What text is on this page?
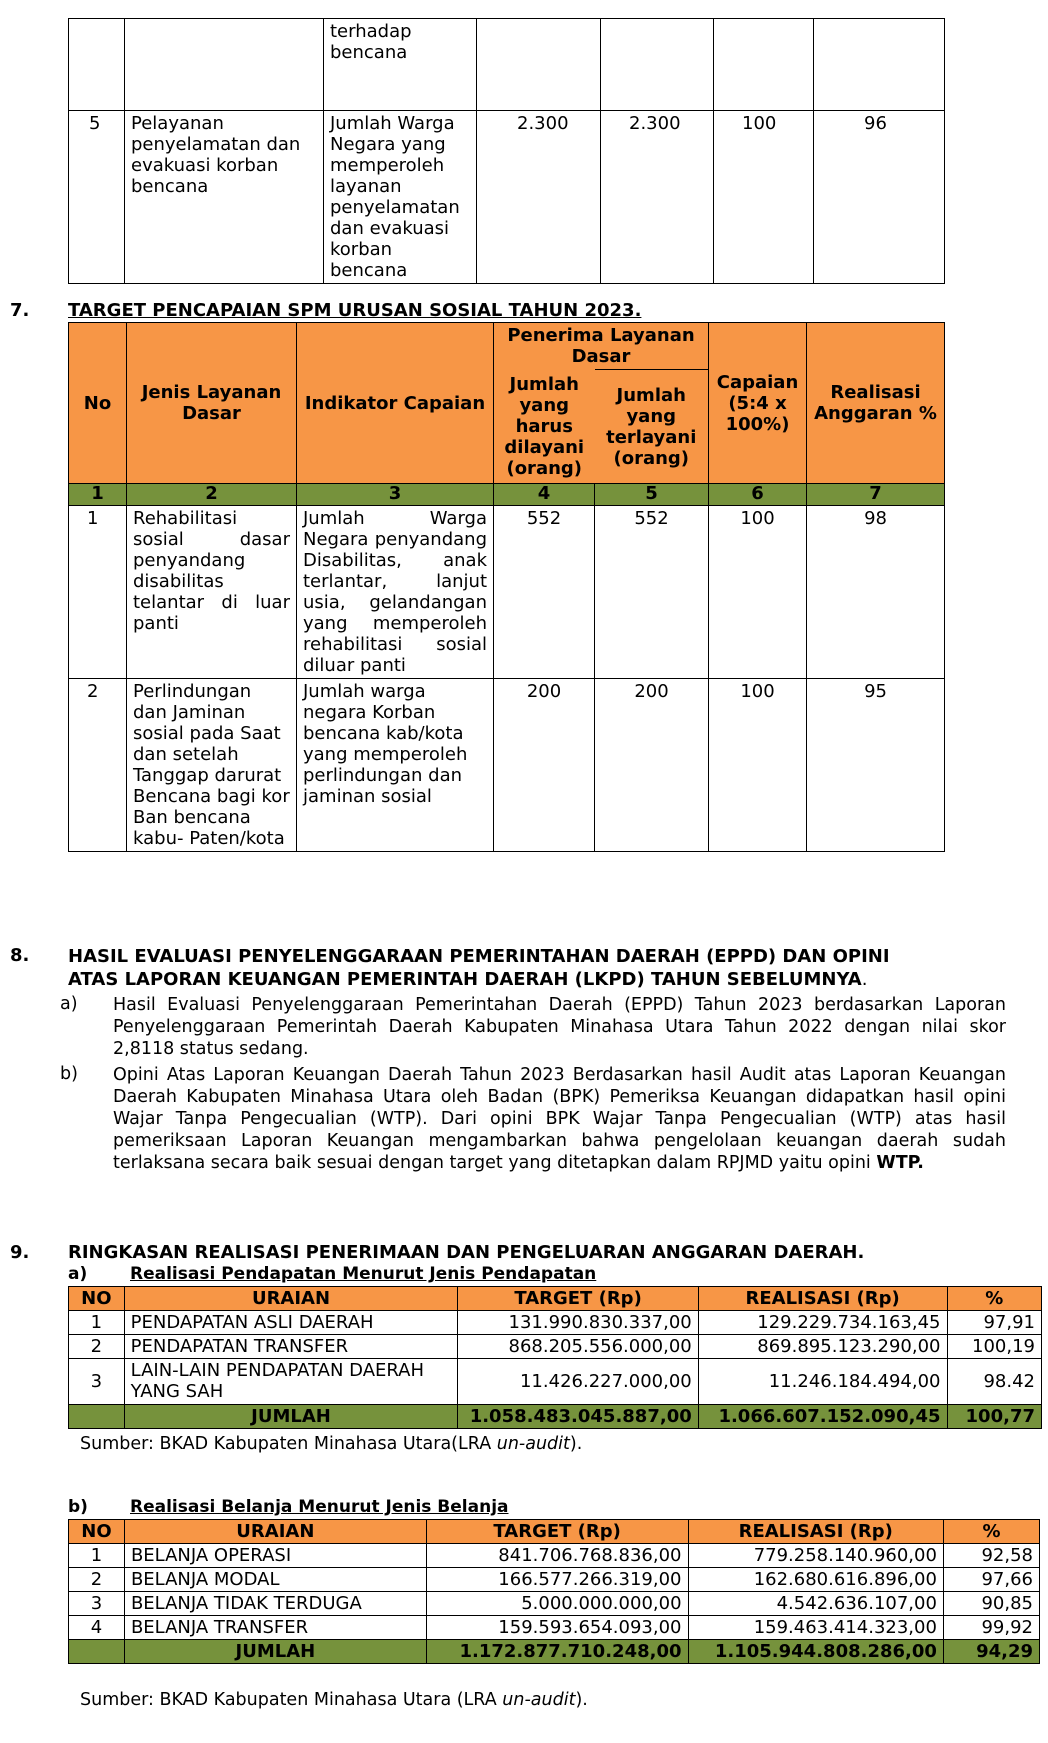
		terhadap bencana				
5	Pelayanan penyelamatan dan evakuasi korban bencana	Jumlah Warga Negara yang memperoleh layanan penyelamatan dan evakuasi korban bencana	2.300	2.300	100	96
7. TARGET PENCAPAIAN SPM URUSAN SOSIAL TAHUN 2023.
No	Jenis Layanan Dasar	Indikator Capaian	Penerima Layanan Dasar		Capaian (5:4 x 100%)	Realisasi Anggaran %
			Jumlah yang harus dilayani (orang)	Jumlah yang terlayani (orang)		
1	2	3	4	5	6	7
1	Rehabilitasi sosial dasar penyandang disabilitas telantar di luar panti	Jumlah Warga Negara penyandang Disabilitas, anak terlantar, lanjut usia, gelandangan yang memperoleh rehabilitasi sosial diluar panti	552	552	100	98
2	Perlindungan dan Jaminan sosial pada Saat dan setelah Tanggap darurat Bencana bagi kor Ban bencana kabu- Paten/kota	Jumlah warga negara Korban bencana kab/kota yang memperoleh perlindungan dan jaminan sosial	200	200	100	95
8. HASIL EVALUASI PENYELENGGARAAN PEMERINTAHAN DAERAH (EPPD) DAN OPINI
ATAS LAPORAN KEUANGAN PEMERINTAH DAERAH (LKPD) TAHUN SEBELUMNYA.
a) Hasil Evaluasi Penyelenggaraan Pemerintahan Daerah (EPPD) Tahun 2023 berdasarkan Laporan Penyelenggaraan Pemerintah Daerah Kabupaten Minahasa Utara Tahun 2022 dengan nilai skor 2,8118 status sedang.
b) Opini Atas Laporan Keuangan Daerah Tahun 2023 Berdasarkan hasil Audit atas Laporan Keuangan Daerah Kabupaten Minahasa Utara oleh Badan (BPK) Pemeriksa Keuangan didapatkan hasil opini Wajar Tanpa Pengecualian (WTP). Dari opini BPK Wajar Tanpa Pengecualian (WTP) atas hasil pemeriksaan Laporan Keuangan mengambarkan bahwa pengelolaan keuangan daerah sudah terlaksana secara baik sesuai dengan target yang ditetapkan dalam RPJMD yaitu opini WTP.
9. RINGKASAN REALISASI PENERIMAAN DAN PENGELUARAN ANGGARAN DAERAH.
a)	Realisasi Pendapatan Menurut Jenis Pendapatan
NO	URAIAN	TARGET (Rp)	REALISASI (Rp)	%
1	PENDAPATAN ASLI DAERAH	131.990.830.337,00	129.229.734.163,45	97,91
2	PENDAPATAN TRANSFER	868.205.556.000,00	869.895.123.290,00	100,19
3	LAIN-LAIN PENDAPATAN DAERAH YANG SAH	11.426.227.000,00	11.246.184.494,00	98.42
	JUMLAH	1.058.483.045.887,00	1.066.607.152.090,45	100,77
Sumber: BKAD Kabupaten Minahasa Utara(LRA un-audit).
b) Realisasi Belanja Menurut Jenis Belanja
NO	URAIAN	TARGET (Rp)	REALISASI (Rp)	%
1	BELANJA OPERASI	841.706.768.836,00	779.258.140.960,00	92,58
2	BELANJA MODAL	166.577.266.319,00	162.680.616.896,00	97,66
3	BELANJA TIDAK TERDUGA	5.000.000.000,00	4.542.636.107,00	90,85
4	BELANJA TRANSFER	159.593.654.093,00	159.463.414.323,00	99,92
	JUMLAH	1.172.877.710.248,00	1.105.944.808.286,00	94,29
Sumber: BKAD Kabupaten Minahasa Utara (LRA un-audit).
